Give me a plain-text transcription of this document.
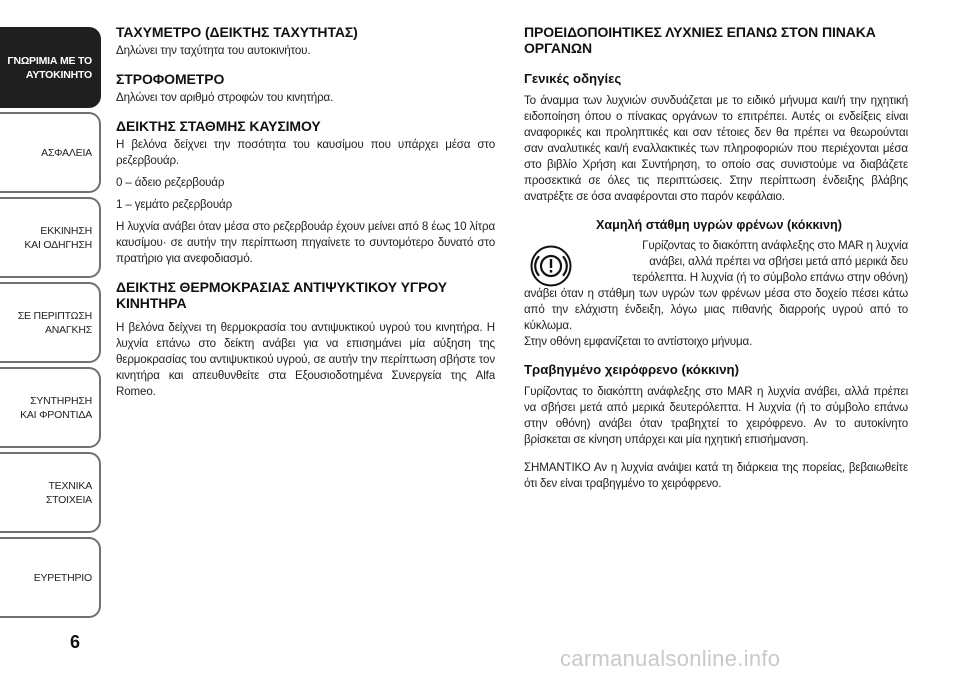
ΓΝΩΡΙΜΙΑ ΜΕ ΤΟ
ΑΥΤΟΚΙΝΗΤΟ
ΑΣΦΑΛΕΙΑ
ΕΚΚΙΝΗΣΗ
ΚΑΙ ΟΔΗΓΗΣΗ
ΣΕ ΠΕΡΙΠΤΩΣΗ
ΑΝΑΓΚΗΣ
ΣΥΝΤΗΡΗΣΗ
ΚΑΙ ΦΡΟΝΤΙΔΑ
ΤΕΧΝΙΚΑ
ΣΤΟΙΧΕΙΑ
ΕΥΡΕΤΗΡΙΟ
6

ΤΑΧΥΜΕΤΡΟ (ΔΕΙΚΤΗΣ ΤΑΧΥΤΗΤΑΣ)

Δηλώνει την ταχύτητα του αυτοκινήτου.

ΣΤΡΟΦΟΜΕΤΡΟ

Δηλώνει τον αριθμό στροφών του κινητήρα.

ΔΕΙΚΤΗΣ ΣΤΑΘΜΗΣ ΚΑΥΣΙΜΟΥ

Η βελόνα δείχνει την ποσότητα του καυσίμου που υπάρχει μέσα στο ρεζερβουάρ.

0 – άδειο ρεζερβουάρ

1 – γεμάτο ρεζερβουάρ

Η λυχνία ανάβει όταν μέσα στο ρεζερβουάρ έχουν μείνει από 8 έως 10 λίτρα καυσίμου· σε αυτήν την περίπτωση πηγαίνετε το συντομότερο δυνατό στο πρατήριο για ανεφοδιασμό.

ΔΕΙΚΤΗΣ ΘΕΡΜΟΚΡΑΣΙΑΣ ΑΝΤΙΨΥΚΤΙΚΟΥ ΥΓΡΟΥ ΚΙΝΗΤΗΡΑ

Η βελόνα δείχνει τη θερμοκρασία του αντιψυκτικού υγρού του κινητήρα. Η λυχνία επάνω στο δείκτη ανάβει για να επισημάνει μία αύξηση της θερμοκρασίας του αντιψυκτικού υγρού, σε αυτήν την περίπτωση σβήστε τον κινητήρα και απευθυνθείτε στα Εξουσιοδοτημένα Συνεργεία της Alfa Romeo.

ΠΡΟΕΙΔΟΠΟΙΗΤΙΚΕΣ ΛΥΧΝΙΕΣ ΕΠΑΝΩ ΣΤΟΝ ΠΙΝΑΚΑ ΟΡΓΑΝΩΝ

Γενικές οδηγίες

Το άναμμα των λυχνιών συνδυάζεται με το ειδικό μήνυμα και/ή την ηχητική ειδοποίηση όπου ο πίνακας οργάνων το επιτρέπει. Αυτές οι ενδείξεις είναι αναφορικές και προληπτικές και σαν τέτοιες δεν θα πρέπει να θεωρούνται σαν αναλυτικές και/ή εναλλακτικές των πληροφοριών που περιέχονται μέσα στο βιβλίο Χρήση και Συντήρηση, το οποίο σας συνιστούμε να διαβάζετε προσεκτικά σε όλες τις περιπτώσεις. Στην περίπτωση ένδειξης βλάβης ανατρέξτε σε όσα αναφέρονται στο παρόν κεφάλαιο.

Χαμηλή στάθμη υγρών φρένων (κόκκινη)

Γυρίζοντας το διακόπτη ανάφλεξης στο MAR η λυχνία
ανάβει, αλλά πρέπει να σβήσει μετά από μερικά δευ
τερόλεπτα. Η λυχνία (ή το σύμβολο επάνω στην οθόνη)

ανάβει όταν η στάθμη των υγρών των φρένων μέσα στο δοχείο πέσει κάτω από την ελάχιστη ένδειξη, λόγω μιας πιθανής διαρροής υγρού από το κύκλωμα.

Στην οθόνη εμφανίζεται το αντίστοιχο μήνυμα.

Τραβηγμένο χειρόφρενο (κόκκινη)

Γυρίζοντας το διακόπτη ανάφλεξης στο MAR η λυχνία ανάβει, αλλά πρέπει να σβήσει μετά από μερικά δευτερόλεπτα. Η λυχνία (ή το σύμβολο επάνω στην οθόνη) ανάβει όταν τραβηχτεί το χειρόφρενο. Αν το αυτοκίνητο βρίσκεται σε κίνηση υπάρχει και μία ηχητική επισήμανση.

ΣΗΜΑΝΤΙΚΟ Αν η λυχνία ανάψει κατά τη διάρκεια της πορείας, βεβαιωθείτε ότι δεν είναι τραβηγμένο το χειρόφρενο.

carmanualsonline.info
